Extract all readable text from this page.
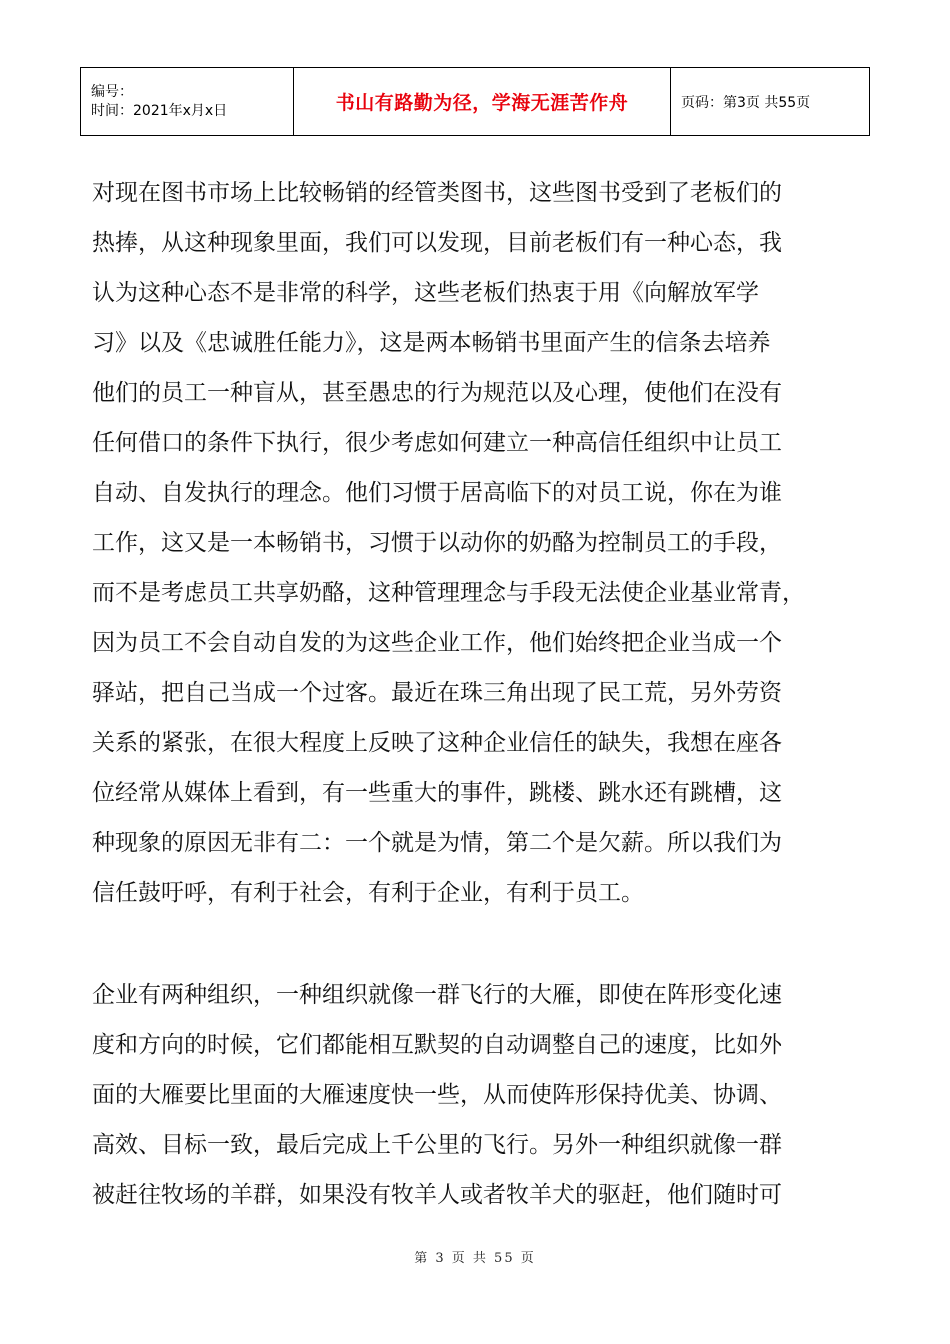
编号：
时间：2021年x月x日	书山有路勤为径，学海无涯苦作舟	页码：第3页 共55页

对现在图书市场上比较畅销的经管类图书，这些图书受到了老板们的
热捧，从这种现象里面，我们可以发现，目前老板们有一种心态，我
认为这种心态不是非常的科学，这些老板们热衷于用《向解放军学
习》以及《忠诚胜任能力》，这是两本畅销书里面产生的信条去培养
他们的员工一种盲从，甚至愚忠的行为规范以及心理，使他们在没有
任何借口的条件下执行，很少考虑如何建立一种高信任组织中让员工
自动、自发执行的理念。他们习惯于居高临下的对员工说，你在为谁
工作，这又是一本畅销书，习惯于以动你的奶酪为控制员工的手段，
而不是考虑员工共享奶酪，这种管理理念与手段无法使企业基业常青，
因为员工不会自动自发的为这些企业工作，他们始终把企业当成一个
驿站，把自己当成一个过客。最近在珠三角出现了民工荒，另外劳资
关系的紧张，在很大程度上反映了这种企业信任的缺失，我想在座各
位经常从媒体上看到，有一些重大的事件，跳楼、跳水还有跳槽，这
种现象的原因无非有二：一个就是为情，第二个是欠薪。所以我们为
信任鼓吁呼，有利于社会，有利于企业，有利于员工。

企业有两种组织，一种组织就像一群飞行的大雁，即使在阵形变化速
度和方向的时候，它们都能相互默契的自动调整自己的速度，比如外
面的大雁要比里面的大雁速度快一些，从而使阵形保持优美、协调、
高效、目标一致，最后完成上千公里的飞行。另外一种组织就像一群
被赶往牧场的羊群，如果没有牧羊人或者牧羊犬的驱赶，他们随时可

第 3 页 共 55 页
